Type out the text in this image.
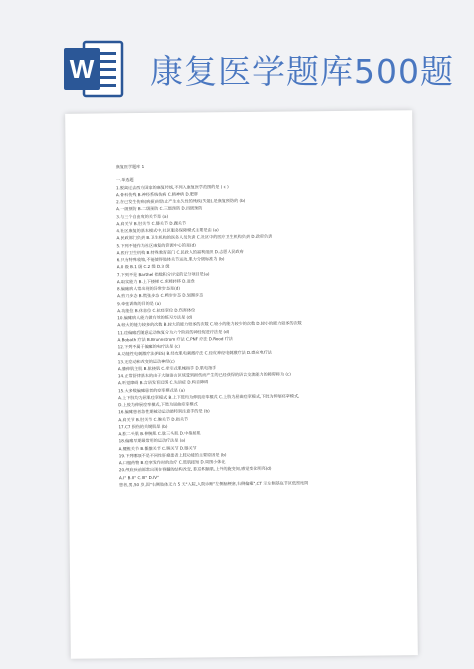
W 康复医学题库500题
康复医学题库 1
一.单选题
1.脱离过去西方国家的康复传统,不列入康复医学范围的是 ( c )
A.骨科伤残 B.神经系统伤病 C.精神病 D.肥胖
2.在已发生伤病(病损)时防止产生永久性的残疾(失能),是康复预防的 (b)
A.一级预防 B.二级预防 C.三级预防 D.四级预防
3.与三个自由度的关节是 (a)
A.肩关节 B.肘关节 C.膝关节 D.踝关节
4.社区康复的基本模式中,社区服务保障模式主要是由 (a)
A.民政部门负责 B.卫生机构的医务人员负责 C.社区中的医疗卫生机构负责 D.政府负责
5.下列不能作为社区康复的资源中心的是(d)
A.医疗卫生机构 B.特殊教育部门 C.民政人的福利组织 D.志愿人民政府
6.只有特殊收缩,不能使得肢体关节运动,肌力分级标准为 (b)
A.0 级 B.1 级 C.2 级 D.3 级
7.下列不是 Barthel 指数积分评定的记分项目是(a)
A.取实能力 B.上下楼梯 C.床椅转移 D.进食
8.偏瘫病人常出现的异常步态是(d)
A.剪刀步态 B.慌张步态 C.鸭步步态 D.划圈步态
9.牵张训练的目的是 (a)
A.功能位 B.休息位 C.抗痉挛位 D.伤害体位
10.偏瘫病人能力做有效的练习方法是 (d)
A.较大的能力较多的次数 B.较大的能力较多的次数 C.较小的能力较少的次数 D.较小的能力较多的次数
11.痉偏瘫后随意运动恢复分为六个阶段的神经促进疗法是 (d)
A.Bobath 疗法 B.Brunnstrom 疗法 C.PNF 疗法 D.Rood 疗法
12.下列不属于偏瘫的电疗法是 (c)
A.功能性电刺激疗法(FES) B.经皮肌电刺激疗法 C.经皮神经电刺激疗法 D.感应电疗法
13.无痉动和改变的运动神经(c)
A.膝伸肌主肌 B.肱桡肌 C.牵引式肌械指手 D.肌电指手
14.正常舒律基本的由于大脑语言区域受到损伤而产生的已经获得的语言交流能力的障碍称为 (c)
A.听觉障碍 B.言语发育迟缓 C.失语症 D.构音障碍
15.大多数偏瘫患者的痉挛模式是 (a)
A.上下肢均为屈肌痉挛模式 B.上下肢均为伸肌痉挛模式 C.上肢为屈曲痉挛模式,下肢为伸展痉挛模式,
D.上肢为伸展痉挛模式,下肢为屈曲痉挛模式
16.偏瘫患者急性期被动运动最特别注意手的是 (b)
A.肩关节 B.肘关节 C.腕关节 D.指关节
17.C7 损伤的关键肌是 (b)
A.肱二头肌 B.伸腕肌 C.肱三头肌 D.中指屈肌
18.偏瘫早期最常用的运动疗法是 (a)
A.腰椎关节 B.骶髂关节 C.腕关节 D.膝关节
19.下列哪项不是不同性肝瘤患者上肢功能的主要原因是 (b)
A.口服药物 B.痉挛发作时的治疗 C.肢肌接短 D.周围小体化
20.颅底孩前部常出现在脊髓的结构改变, 肱后积脑肌,上外的旋变间,感觉变化明亮(d)
A.I° B.II° C.III° D.IV°
患者,男,50 岁,因"右侧肢体无力 5 天"入院,入院诊断"左侧脑梗塞,右侧偏瘫",CT 示左侧基底节区低密度阴
